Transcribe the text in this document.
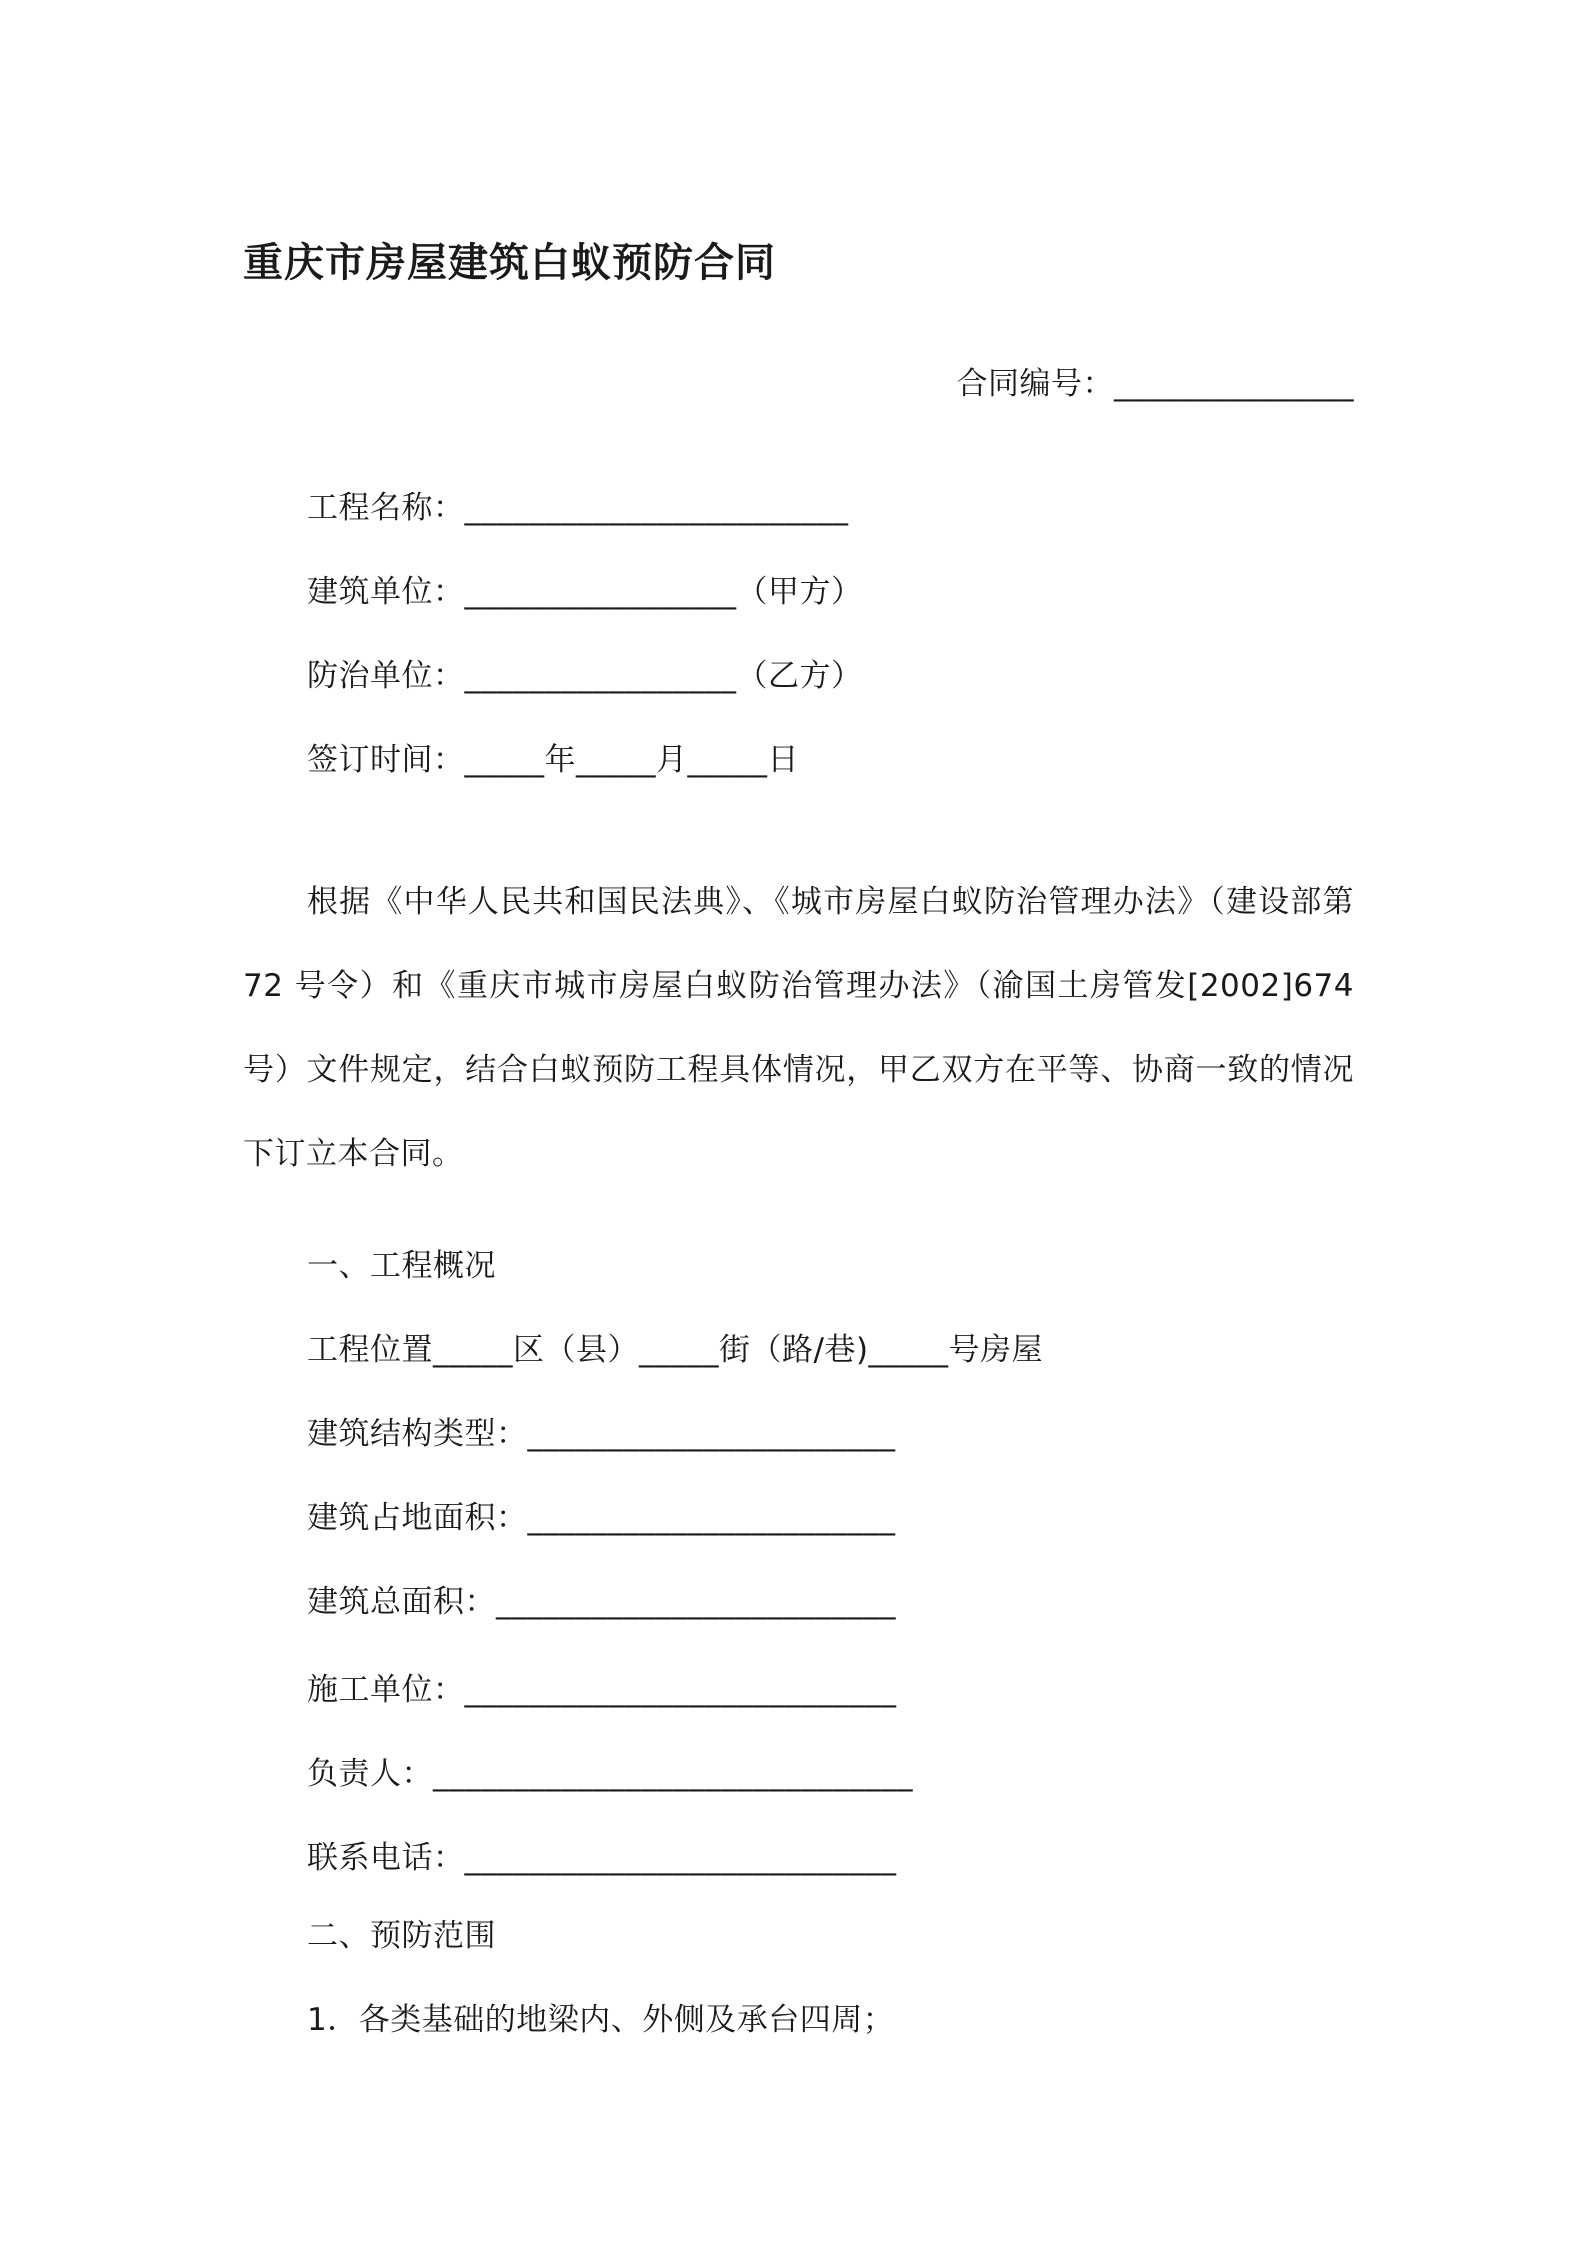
重庆市房屋建筑白蚁预防合同
合同编号：_______________
工程名称：________________________
建筑单位：_________________（甲方）
防治单位：_________________（乙方）
签订时间：_____年_____月_____日

根据《中华人民共和国民法典》、《城市房屋白蚁防治管理办法》（建设部第 72 号令）和《重庆市城市房屋白蚁防治管理办法》（渝国土房管发[2002]674号）文件规定，结合白蚁预防工程具体情况，甲乙双方在平等、协商一致的情况下订立本合同。

一、工程概况
工程位置_____区（县）_____街（路/巷)_____号房屋
建筑结构类型：_______________________
建筑占地面积：_______________________
建筑总面积：_________________________
施工单位：___________________________
负责人：______________________________
联系电话：___________________________
二、预防范围
1．各类基础的地梁内、外侧及承台四周；
